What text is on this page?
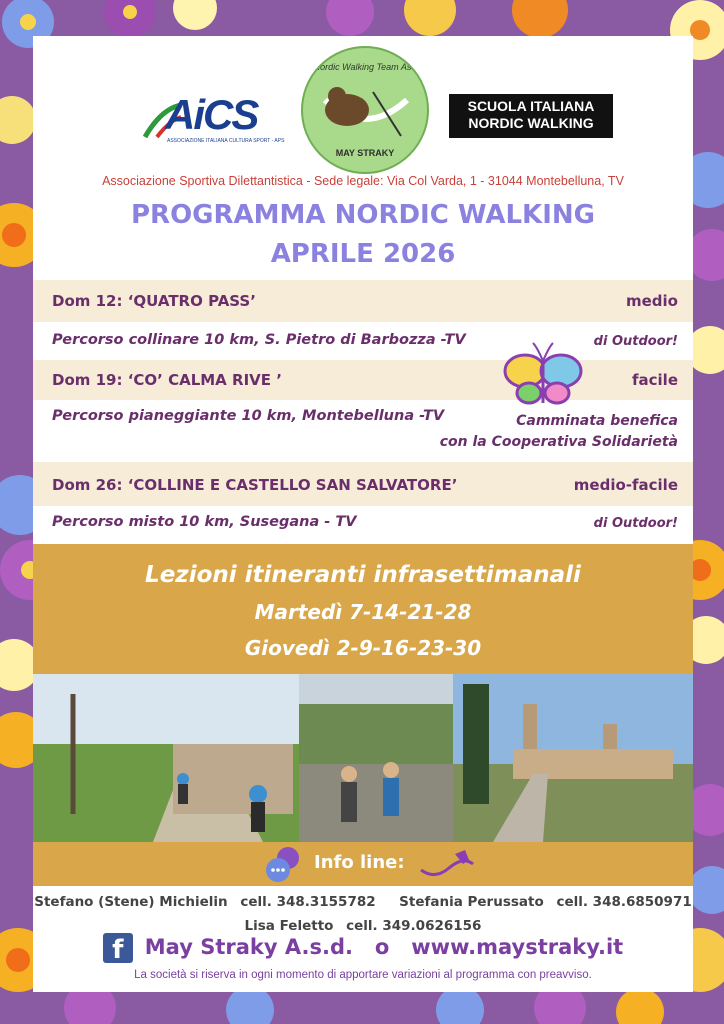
AiCS
ASSOCIAZIONE ITALIANA CULTURA SPORT - APS
Nordic Walking Team Asd
MAY STRAKY
SCUOLA ITALIANA
NORDIC WALKING
Associazione Sportiva Dilettantistica - Sede legale: Via Col Varda, 1 - 31044 Montebelluna, TV
PROGRAMMA NORDIC WALKING
APRILE 2026
Dom 12: ‘QUATRO PASS’	medio
Percorso collinare 10 km, S. Pietro di Barbozza -TV	di Outdoor!
Dom 19: ‘CO’ CALMA RIVE ’	facile
Percorso pianeggiante 10 km, Montebelluna -TV	Camminata benefica
con la Cooperativa Solidarietà
Dom 26: ‘COLLINE E CASTELLO SAN SALVATORE’	medio-facile
Percorso misto 10 km, Susegana - TV	di Outdoor!
Lezioni itineranti infrasettimanali
Martedì 7-14-21-28
Giovedì 2-9-16-23-30
Info line:
Stefano (Stene) Michielin cell. 348.3155782 Stefania Perussato cell. 348.6850971
Lisa Feletto cell. 349.0626156
f May Straky A.s.d. o www.maystraky.it
La società si riserva in ogni momento di apportare variazioni al programma con preavviso.
